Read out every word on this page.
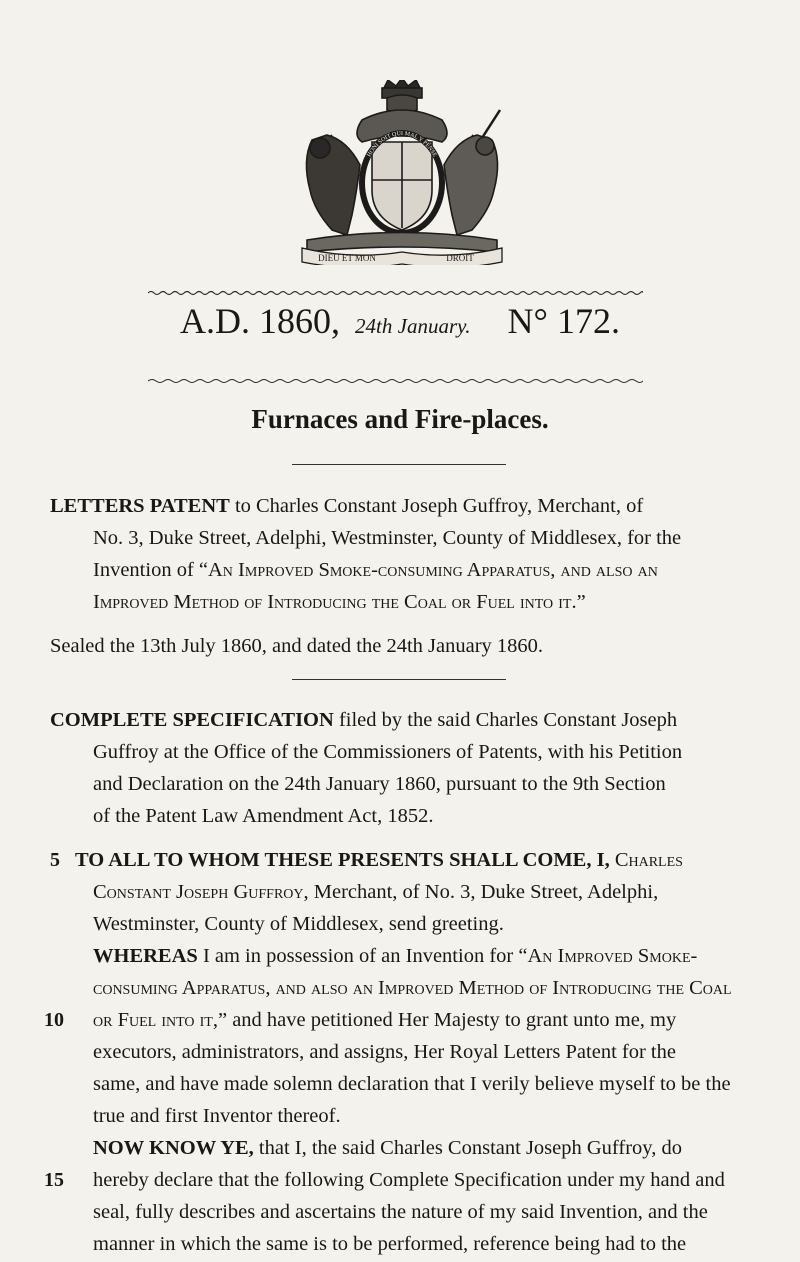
DIEU ET MON	DROIT
HONI SOIT QUI MAL Y PENSE
A.D. 1860, 24th January. N° 172.
Furnaces and Fire-places.
LETTERS PATENT to Charles Constant Joseph Guffroy, Merchant, of
No. 3, Duke Street, Adelphi, Westminster, County of Middlesex, for the
Invention of “An Improved Smoke-consuming Apparatus, and also an
Improved Method of Introducing the Coal or Fuel into it.”
Sealed the 13th July 1860, and dated the 24th January 1860.
COMPLETE SPECIFICATION filed by the said Charles Constant Joseph
Guffroy at the Office of the Commissioners of Patents, with his Petition
and Declaration on the 24th January 1860, pursuant to the 9th Section
of the Patent Law Amendment Act, 1852.
5 TO ALL TO WHOM THESE PRESENTS SHALL COME, I, Charles
Constant Joseph Guffroy, Merchant, of No. 3, Duke Street, Adelphi,
Westminster, County of Middlesex, send greeting.
WHEREAS I am in possession of an Invention for “An Improved Smoke-
consuming Apparatus, and also an Improved Method of Introducing the Coal
10 or Fuel into it,” and have petitioned Her Majesty to grant unto me, my
executors, administrators, and assigns, Her Royal Letters Patent for the
same, and have made solemn declaration that I verily believe myself to be the
true and first Inventor thereof.
NOW KNOW YE, that I, the said Charles Constant Joseph Guffroy, do
15 hereby declare that the following Complete Specification under my hand and
seal, fully describes and ascertains the nature of my said Invention, and the
manner in which the same is to be performed, reference being had to the
